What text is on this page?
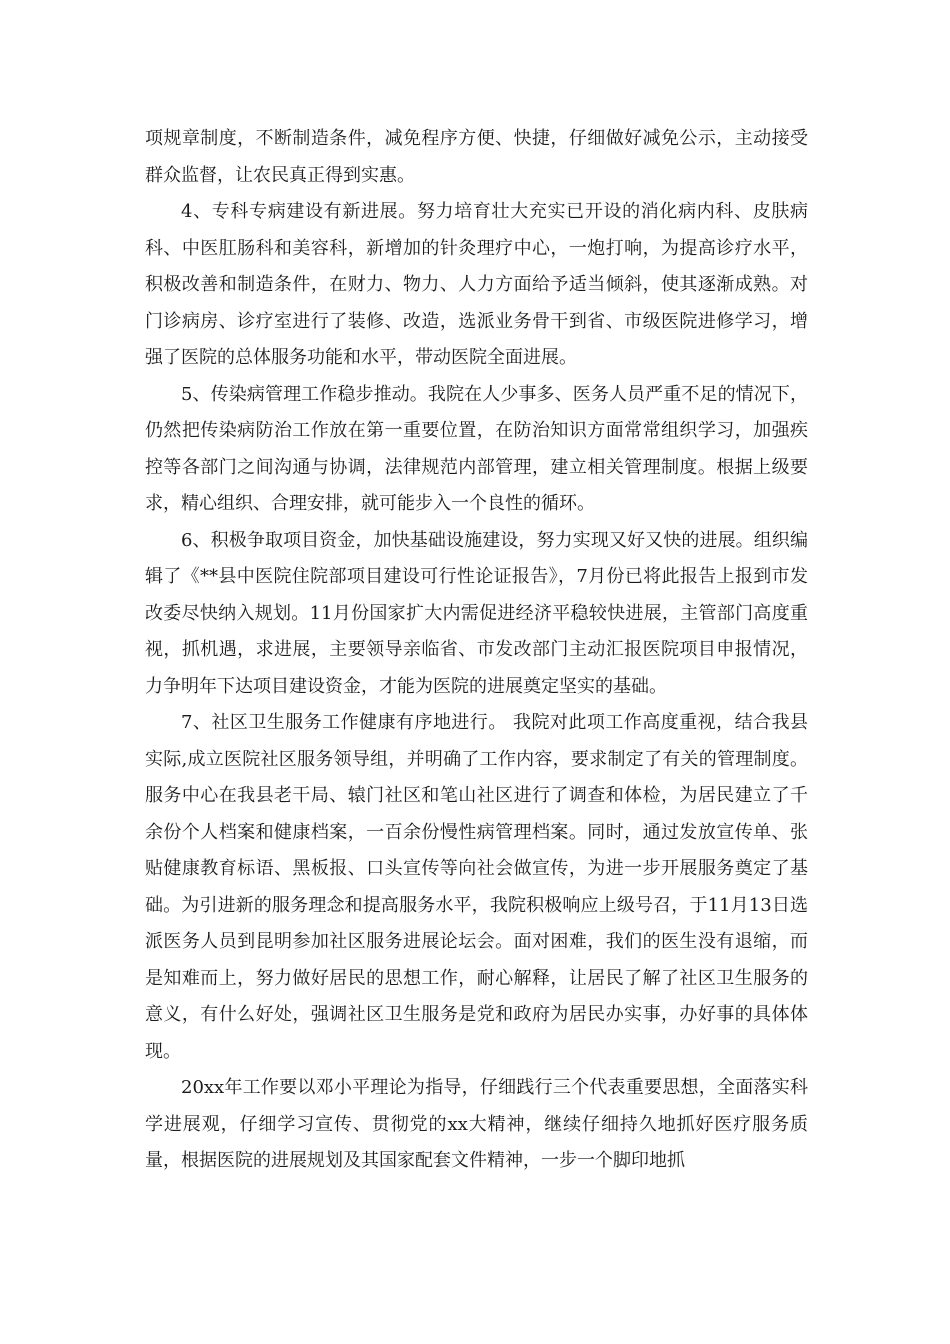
项规章制度，不断制造条件，减免程序方便、快捷，仔细做好减免公示，主动接受群众监督，让农民真正得到实惠。

4、专科专病建设有新进展。努力培育壮大充实已开设的消化病内科、皮肤病科、中医肛肠科和美容科，新增加的针灸理疗中心，一炮打响，为提高诊疗水平，积极改善和制造条件，在财力、物力、人力方面给予适当倾斜，使其逐渐成熟。对门诊病房、诊疗室进行了装修、改造，选派业务骨干到省、市级医院进修学习，增强了医院的总体服务功能和水平，带动医院全面进展。

5、传染病管理工作稳步推动。我院在人少事多、医务人员严重不足的情况下，仍然把传染病防治工作放在第一重要位置，在防治知识方面常常组织学习，加强疾控等各部门之间沟通与协调，法律规范内部管理，建立相关管理制度。根据上级要求，精心组织、合理安排，就可能步入一个良性的循环。

6、积极争取项目资金，加快基础设施建设，努力实现又好又快的进展。组织编辑了《**县中医院住院部项目建设可行性论证报告》，7月份已将此报告上报到市发改委尽快纳入规划。11月份国家扩大内需促进经济平稳较快进展，主管部门高度重视，抓机遇，求进展，主要领导亲临省、市发改部门主动汇报医院项目申报情况，力争明年下达项目建设资金，才能为医院的进展奠定坚实的基础。

7、社区卫生服务工作健康有序地进行。 我院对此项工作高度重视，结合我县实际,成立医院社区服务领导组，并明确了工作内容，要求制定了有关的管理制度。服务中心在我县老干局、辕门社区和笔山社区进行了调查和体检，为居民建立了千余份个人档案和健康档案，一百余份慢性病管理档案。同时，通过发放宣传单、张贴健康教育标语、黑板报、口头宣传等向社会做宣传，为进一步开展服务奠定了基础。为引进新的服务理念和提高服务水平，我院积极响应上级号召，于11月13日选派医务人员到昆明参加社区服务进展论坛会。面对困难，我们的医生没有退缩，而是知难而上，努力做好居民的思想工作，耐心解释，让居民了解了社区卫生服务的意义，有什么好处，强调社区卫生服务是党和政府为居民办实事，办好事的具体体现。

20xx年工作要以邓小平理论为指导，仔细践行三个代表重要思想，全面落实科学进展观，仔细学习宣传、贯彻党的xx大精神，继续仔细持久地抓好医疗服务质量，根据医院的进展规划及其国家配套文件精神，一步一个脚印地抓
